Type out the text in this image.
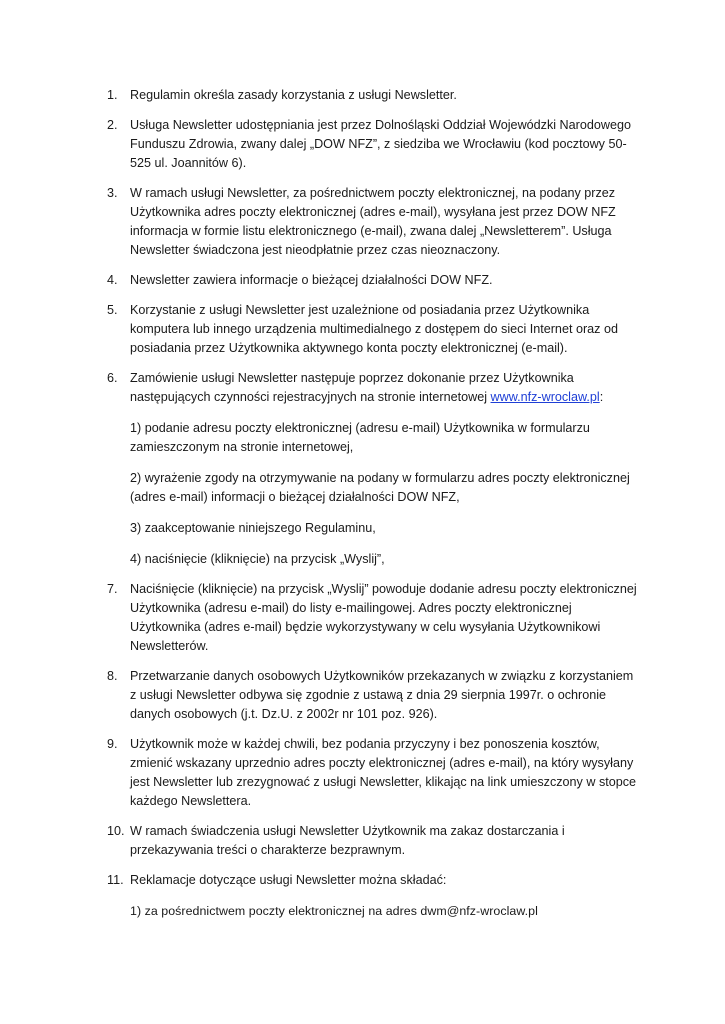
1. Regulamin określa zasady korzystania z usługi Newsletter.

2. Usługa Newsletter udostępniania jest przez Dolnośląski Oddział Wojewódzki Narodowego Funduszu Zdrowia, zwany dalej „DOW NFZ”, z siedziba we Wrocławiu (kod pocztowy 50-525 ul. Joannitów 6).

3. W ramach usługi Newsletter, za pośrednictwem poczty elektronicznej, na podany przez Użytkownika adres poczty elektronicznej (adres e-mail), wysyłana jest przez DOW NFZ informacja w formie listu elektronicznego (e-mail), zwana dalej „Newsletterem”. Usługa Newsletter świadczona jest nieodpłatnie przez czas nieoznaczony.

4. Newsletter zawiera informacje o bieżącej działalności DOW NFZ.

5. Korzystanie z usługi Newsletter jest uzależnione od posiadania przez Użytkownika komputera lub innego urządzenia multimedialnego z dostępem do sieci Internet oraz od posiadania przez Użytkownika aktywnego konta poczty elektronicznej (e-mail).

6. Zamówienie usługi Newsletter następuje poprzez dokonanie przez Użytkownika następujących czynności rejestracyjnych na stronie internetowej www.nfz-wroclaw.pl:

1) podanie adresu poczty elektronicznej (adresu e-mail) Użytkownika w formularzu zamieszczonym na stronie internetowej,

2) wyrażenie zgody na otrzymywanie na podany w formularzu adres poczty elektronicznej (adres e-mail) informacji o bieżącej działalności DOW NFZ,

3) zaakceptowanie niniejszego Regulaminu,

4) naciśnięcie (kliknięcie) na przycisk „Wyslij”,

7. Naciśnięcie (kliknięcie) na przycisk „Wyslij” powoduje dodanie adresu poczty elektronicznej Użytkownika (adresu e-mail) do listy e-mailingowej. Adres poczty elektronicznej Użytkownika (adres e-mail) będzie wykorzystywany w celu wysyłania Użytkownikowi Newsletterów.

8. Przetwarzanie danych osobowych Użytkowników przekazanych w związku z korzystaniem z usługi Newsletter odbywa się zgodnie z ustawą z dnia 29 sierpnia 1997r. o ochronie danych osobowych (j.t. Dz.U. z 2002r nr 101 poz. 926).

9. Użytkownik może w każdej chwili, bez podania przyczyny i bez ponoszenia kosztów, zmienić wskazany uprzednio adres poczty elektronicznej (adres e-mail), na który wysyłany jest Newsletter lub zrezygnować z usługi Newsletter, klikając na link umieszczony w stopce każdego Newslettera.

10. W ramach świadczenia usługi Newsletter Użytkownik ma zakaz dostarczania i przekazywania treści o charakterze bezprawnym.

11. Reklamacje dotyczące usługi Newsletter można składać:

1) za pośrednictwem poczty elektronicznej na adres dwm@nfz-wroclaw.pl
